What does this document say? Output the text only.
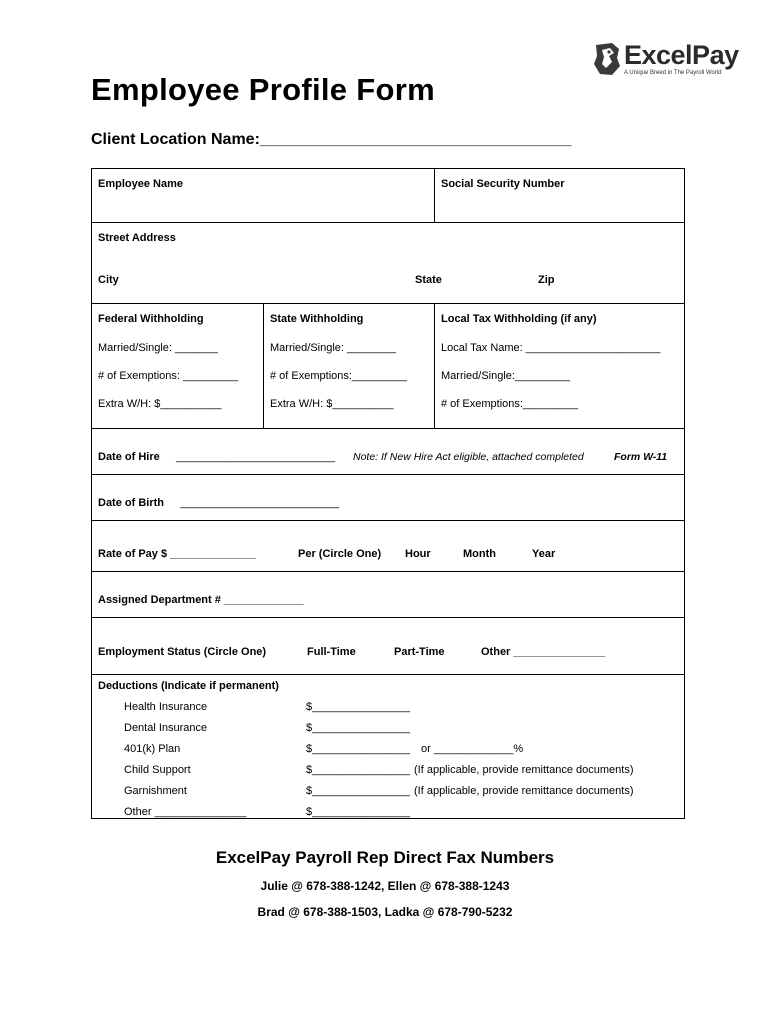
ExcelPay
A Unique Breed in The Payroll World
Employee Profile Form
Client Location Name:___________________________________
Employee Name	Social Security Number
Street Address
City	State	Zip
Federal Withholding	State Withholding	Local Tax Withholding (if any)
Married/Single: _______	Married/Single: ________	Local Tax Name: ______________________
# of Exemptions: _________	# of Exemptions:_________	Married/Single:_________
Extra W/H: $__________	Extra W/H: $__________	# of Exemptions:_________
Date of Hire __________________________ Note: If New Hire Act eligible, attached completed	Form W-11
Date of Birth __________________________
Rate of Pay $ ______________	Per (Circle One) Hour	Month	Year
Assigned Department # _____________
Employment Status (Circle One)	Full-Time	Part-Time	Other _______________
Deductions (Indicate if permanent)
Health Insurance	$________________
Dental Insurance	$________________
401(k) Plan	$________________ or _____________%
Child Support	$________________ (If applicable, provide remittance documents)
Garnishment	$________________ (If applicable, provide remittance documents)
Other _______________	$________________
ExcelPay Payroll Rep Direct Fax Numbers
Julie @ 678-388-1242, Ellen @ 678-388-1243
Brad @ 678-388-1503, Ladka @ 678-790-5232
